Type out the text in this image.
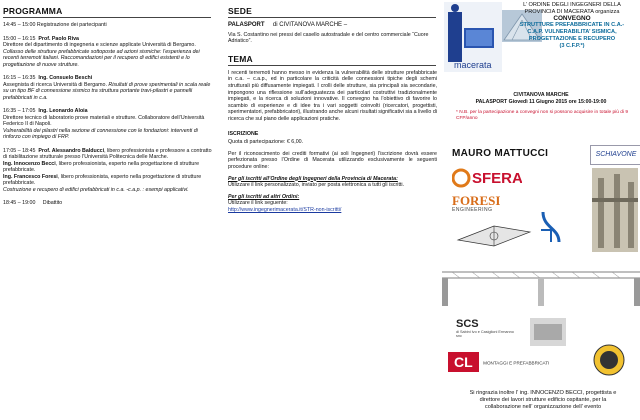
PROGRAMMA
14:45 – 15:00 Registrazione dei partecipanti
15:00 – 16:15 Prof. Paolo Riva
Direttore del dipartimento di ingegneria e scienze applicate Università di Bergamo.
Collasso delle strutture prefabbricate sottoposte ad azioni sismiche: l’esperienza dei recenti terremoti italiani. Raccomandazioni per il recupero di edifici esistenti e lo progettazione di nuove strutture.
16:15 – 16:35 Ing. Consuelo Beschi
Assegnista di ricerca Università di Bergamo. Risultati di prove sperimentali in scala reale su un tipo BF di connessione sismico tra struttura portante travi-pilastri e pannelli prefabbricati in c.a.
16:35 – 17:05 Ing. Leonardo Aloia
Direttore tecnico di laboratorio prove materiali e strutture. Collaboratore dell’Università Federico II di Napoli.
Vulnerabilità dei pilastri nella sezione di connessione con le fondazioni: interventi di rinforzo con impiego di FRP.
17:05 – 18:45 Prof. Alessandro Balducci, libero professionista e professore a contratto di riabilitazione strutturale presso l’Università Politecnica delle Marche.
Ing. Innocenzo Becci, libero professionista, esperto nella progettazione di strutture prefabbricate.
Ing. Francesco Foresi, libero professionista, esperto nella progettazione di strutture prefabbricate.
Costruzione e recupero di edifici prefabbricati in c.a. -c.a.p. : esempi applicativi.
18:45 – 19:00 Dibattito
SEDE
PALASPORT di CIVITANOVA MARCHE –
Via S. Costantino nei pressi del casello autostradale e del centro commerciale “Cuore Adriatico”.
TEMA
I recenti terremoti hanno messo in evidenza la vulnerabilità delle strutture prefabbricate in c.a. – c.a.p., ed in particolare la criticità delle connessioni tipiche degli schemi strutturali più diffusamente impiegati. I crolli delle strutture, sia principali sia secondarie, impongono una riflessione sull’adeguatezza dei particolari costruttivi tradizionalmente impiegati, e la ricerca di soluzioni innovative. Il convegno ha l’obiettivo di favorire lo scambio di esperienze e di idee tra i vari soggetti coinvolti (ricercatori, progettisti, sperimentatori, prefabbricatori), illustrando anche alcuni risultati significativi sia a livello di ricerca che sul piano delle applicazioni pratiche.
ISCRIZIONE
Quota di partecipazione: € 6,00.
Per il riconoscimento dei crediti formativi (ai soli Ingegneri) l’iscrizione dovrà essere perfezionata presso l’Ordine di Macerata utilizzando esclusivamente le seguenti procedure online:
Per gli iscritti all’Ordine degli Ingegneri della Provincia di Macerata:
Utilizzare il link personalizzato, inviato per posta elettronica a tutti gli iscritti.
Per gli iscritti ad altri Ordini:
Utilizzare il link seguente:
http://www.ingegnerimacerata.it/STR-non-iscritti/
macerata
L’ ORDINE DEGLI INGEGNERI DELLA
PROVINCIA DI MACERATA organizza
CONVEGNO
STRUTTURE PREFABBRICATE IN C.A.-
C.A.P. VULNERABILITA’ SISMICA,
PROGETTAZIONE E RECUPERO
(3 C.F.P.*)
CIVITANOVA MARCHE
PALASPORT Giovedì 11 Giugno 2015 ore 15:00-19:00
* N.B. per la partecipazione a convegni non si possono acquisire in totale più di 9 CFP/anno
MAURO MATTUCCI	SCHIAVONE
SFERA
FORESI
ENGINEERING
SCS
di Sabini Ivo e Casiglioni Ermanno snc
CL MONTAGGI E PREFABBRICATI
Si ringrazia inoltre l’ ing. INNOCENZO BECCI, progettista e
direttore dei lavori strutture edificio ospitante, per la
collaborazione nell’ organizzazione dell’ evento
